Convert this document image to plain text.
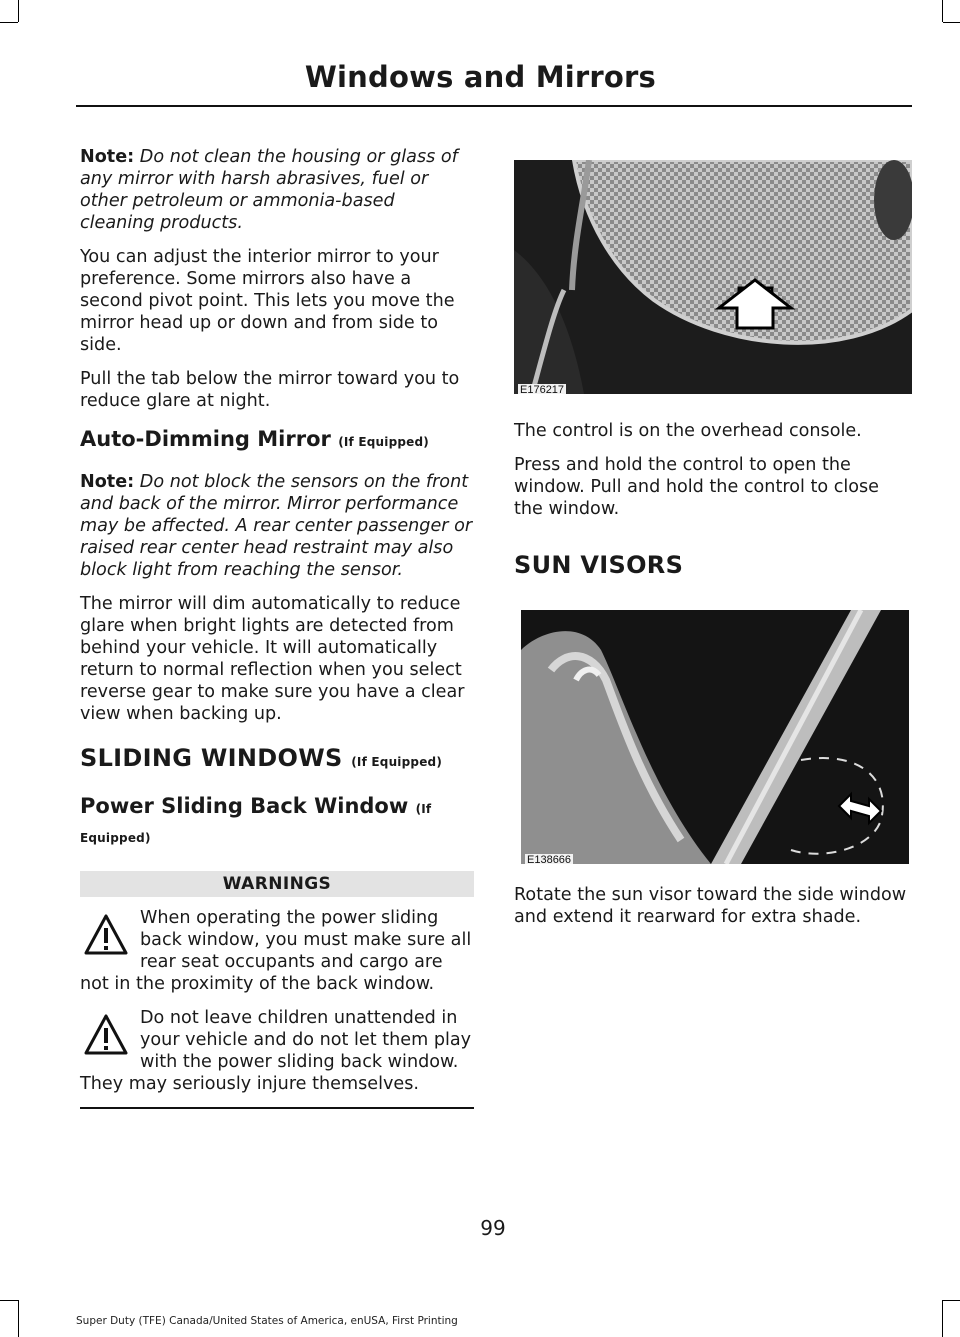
Windows and Mirrors

Note: Do not clean the housing or glass of any mirror with harsh abrasives, fuel or other petroleum or ammonia-based cleaning products.

You can adjust the interior mirror to your preference. Some mirrors also have a second pivot point. This lets you move the mirror head up or down and from side to side.

Pull the tab below the mirror toward you to reduce glare at night.

Auto-Dimming Mirror (If Equipped)

Note: Do not block the sensors on the front and back of the mirror. Mirror performance may be affected. A rear center passenger or raised rear center head restraint may also block light from reaching the sensor.

The mirror will dim automatically to reduce glare when bright lights are detected from behind your vehicle. It will automatically return to normal reflection when you select reverse gear to make sure you have a clear view when backing up.

SLIDING WINDOWS (If Equipped)
Power Sliding Back Window (If Equipped)
WARNINGS
When operating the power sliding back window, you must make sure all rear seat occupants and cargo are not in the proximity of the back window.
Do not leave children unattended in your vehicle and do not let them play with the power sliding back window. They may seriously injure themselves.
E176217

The control is on the overhead console.

Press and hold the control to open the window. Pull and hold the control to close the window.

SUN VISORS
E138666

Rotate the sun visor toward the side window and extend it rearward for extra shade.

99
Super Duty (TFE) Canada/United States of America, enUSA, First Printing
